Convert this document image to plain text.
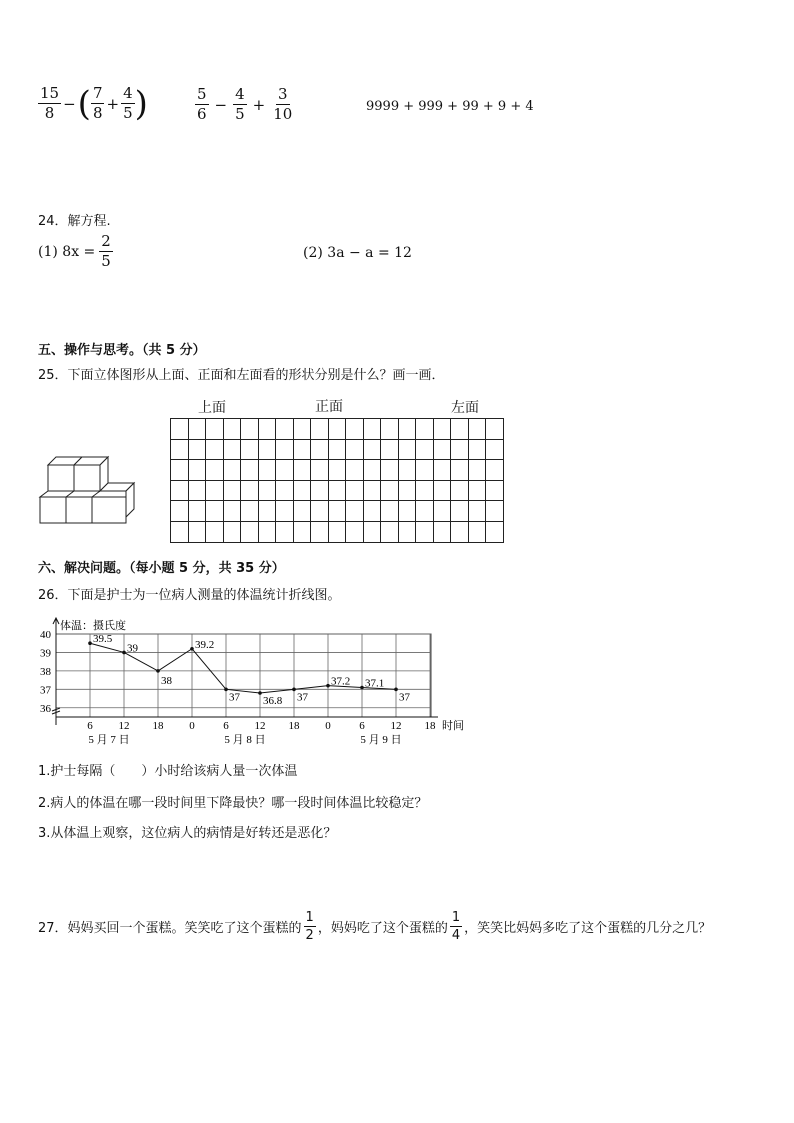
$\frac{15}{8}$ − ( $\frac{7}{8} + \frac{4}{5}$ )	$\frac{5}{6} - \frac{4}{5} + \frac{3}{10}$	9999 + 999 + 99 + 9 + 4
24．解方程.
(1) $8x = \frac{2}{5}$	(2) 3a − a = 12
五、操作与思考。（共 5 分）
25．下面立体图形从上面、正面和左面看的形状分别是什么？画一画．
上面	正面	左面

六、解决问题。（每小题 5 分，共 35 分）
26．下面是护士为一位病人测量的体温统计折线图。
体温：摄氏度
时间
36
37
38
39
40
6 12 18 0	6 12 18 0	6 12 18
5 月 7 日	5 月 8 日	5 月 9 日
39.5
39
38
39.2
37 36.8 37
37.2 37.1
37
1.护士每隔（　　）小时给该病人量一次体温
2.病人的体温在哪一段时间里下降最快？哪一段时间体温比较稳定？
3.从体温上观察，这位病人的病情是好转还是恶化？
27．妈妈买回一个蛋糕。笑笑吃了这个蛋糕的 $\frac{1}{2}$ ，妈妈吃了这个蛋糕的 $\frac{1}{4}$ ，笑笑比妈妈多吃了这个蛋糕的几分之几？
